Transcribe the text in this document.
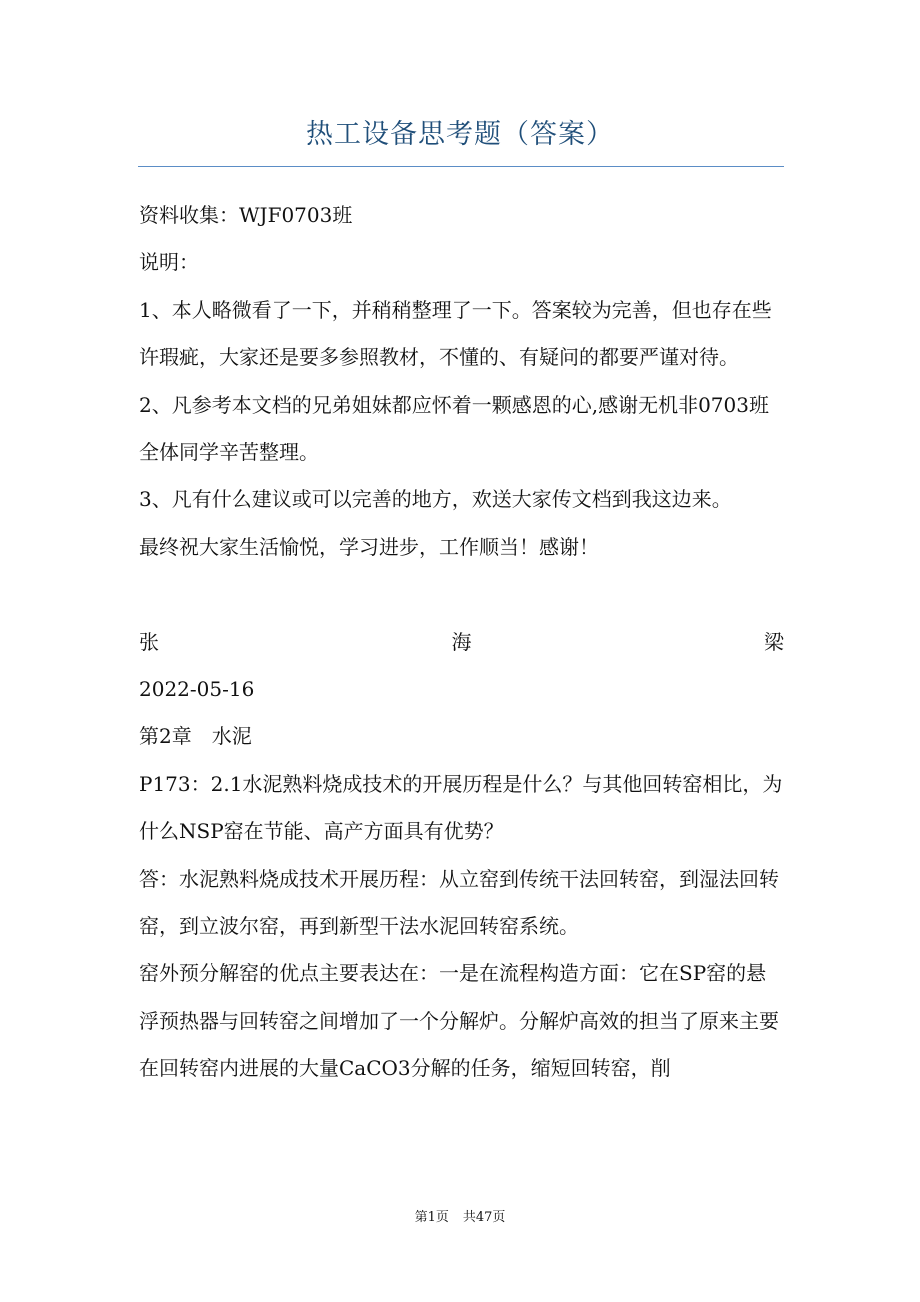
热工设备思考题（答案）

资料收集：WJF0703班

说明：

1、本人略微看了一下，并稍稍整理了一下。答案较为完善，但也存在些许瑕疵，大家还是要多参照教材，不懂的、有疑问的都要严谨对待。

2、凡参考本文档的兄弟姐妹都应怀着一颗感恩的心,感谢无机非0703班全体同学辛苦整理。

3、凡有什么建议或可以完善的地方，欢送大家传文档到我这边来。

最终祝大家生活愉悦，学习进步，工作顺当！感谢！

张	海	梁

2022-05-16

第2章　水泥

P173：2.1水泥熟料烧成技术的开展历程是什么？与其他回转窑相比，为什么NSP窑在节能、高产方面具有优势？

答：水泥熟料烧成技术开展历程：从立窑到传统干法回转窑，到湿法回转窑，到立波尔窑，再到新型干法水泥回转窑系统。

窑外预分解窑的优点主要表达在：一是在流程构造方面：它在SP窑的悬浮预热器与回转窑之间增加了一个分解炉。分解炉高效的担当了原来主要在回转窑内进展的大量CaCO3分解的任务，缩短回转窑，削

第1页 共47页
